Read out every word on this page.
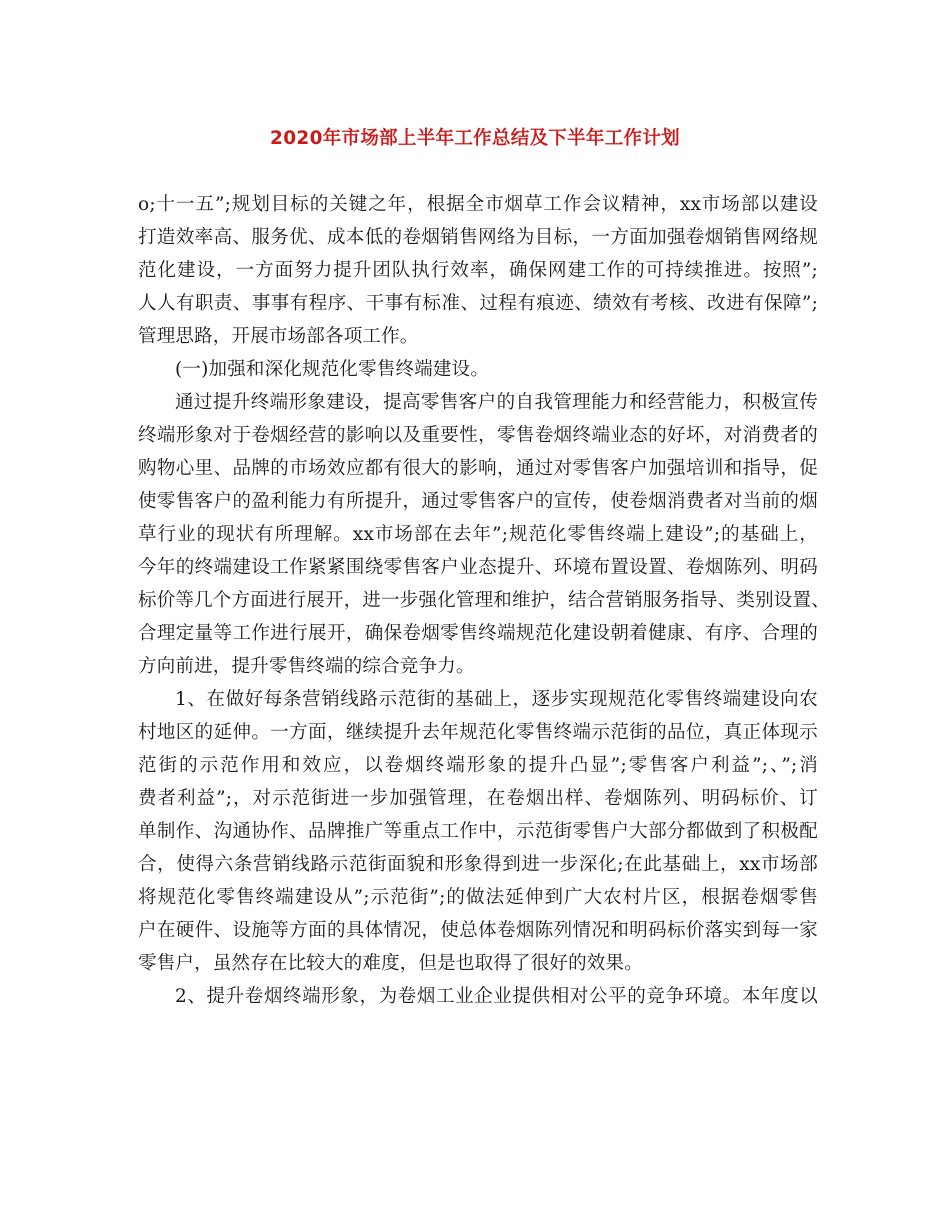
2020年市场部上半年工作总结及下半年工作计划
o;十一五”;规划目标的关键之年，根据全市烟草工作会议精神，xx市场部以建设
打造效率高、服务优、成本低的卷烟销售网络为目标，一方面加强卷烟销售网络规
范化建设，一方面努力提升团队执行效率，确保网建工作的可持续推进。按照”;
人人有职责、事事有程序、干事有标准、过程有痕迹、绩效有考核、改进有保障”;
管理思路，开展市场部各项工作。
(一)加强和深化规范化零售终端建设。
通过提升终端形象建设，提高零售客户的自我管理能力和经营能力，积极宣传
终端形象对于卷烟经营的影响以及重要性，零售卷烟终端业态的好坏，对消费者的
购物心里、品牌的市场效应都有很大的影响，通过对零售客户加强培训和指导，促
使零售客户的盈利能力有所提升，通过零售客户的宣传，使卷烟消费者对当前的烟
草行业的现状有所理解。xx市场部在去年”;规范化零售终端上建设”;的基础上，
今年的终端建设工作紧紧围绕零售客户业态提升、环境布置设置、卷烟陈列、明码
标价等几个方面进行展开，进一步强化管理和维护，结合营销服务指导、类别设置、
合理定量等工作进行展开，确保卷烟零售终端规范化建设朝着健康、有序、合理的
方向前进，提升零售终端的综合竞争力。
1、在做好每条营销线路示范街的基础上，逐步实现规范化零售终端建设向农
村地区的延伸。一方面，继续提升去年规范化零售终端示范街的品位，真正体现示
范街的示范作用和效应，以卷烟终端形象的提升凸显”;零售客户利益”;、”;消
费者利益”;，对示范街进一步加强管理，在卷烟出样、卷烟陈列、明码标价、订
单制作、沟通协作、品牌推广等重点工作中，示范街零售户大部分都做到了积极配
合，使得六条营销线路示范街面貌和形象得到进一步深化;在此基础上，xx市场部
将规范化零售终端建设从”;示范街”;的做法延伸到广大农村片区，根据卷烟零售
户在硬件、设施等方面的具体情况，使总体卷烟陈列情况和明码标价落实到每一家
零售户，虽然存在比较大的难度，但是也取得了很好的效果。
2、提升卷烟终端形象，为卷烟工业企业提供相对公平的竞争环境。本年度以
